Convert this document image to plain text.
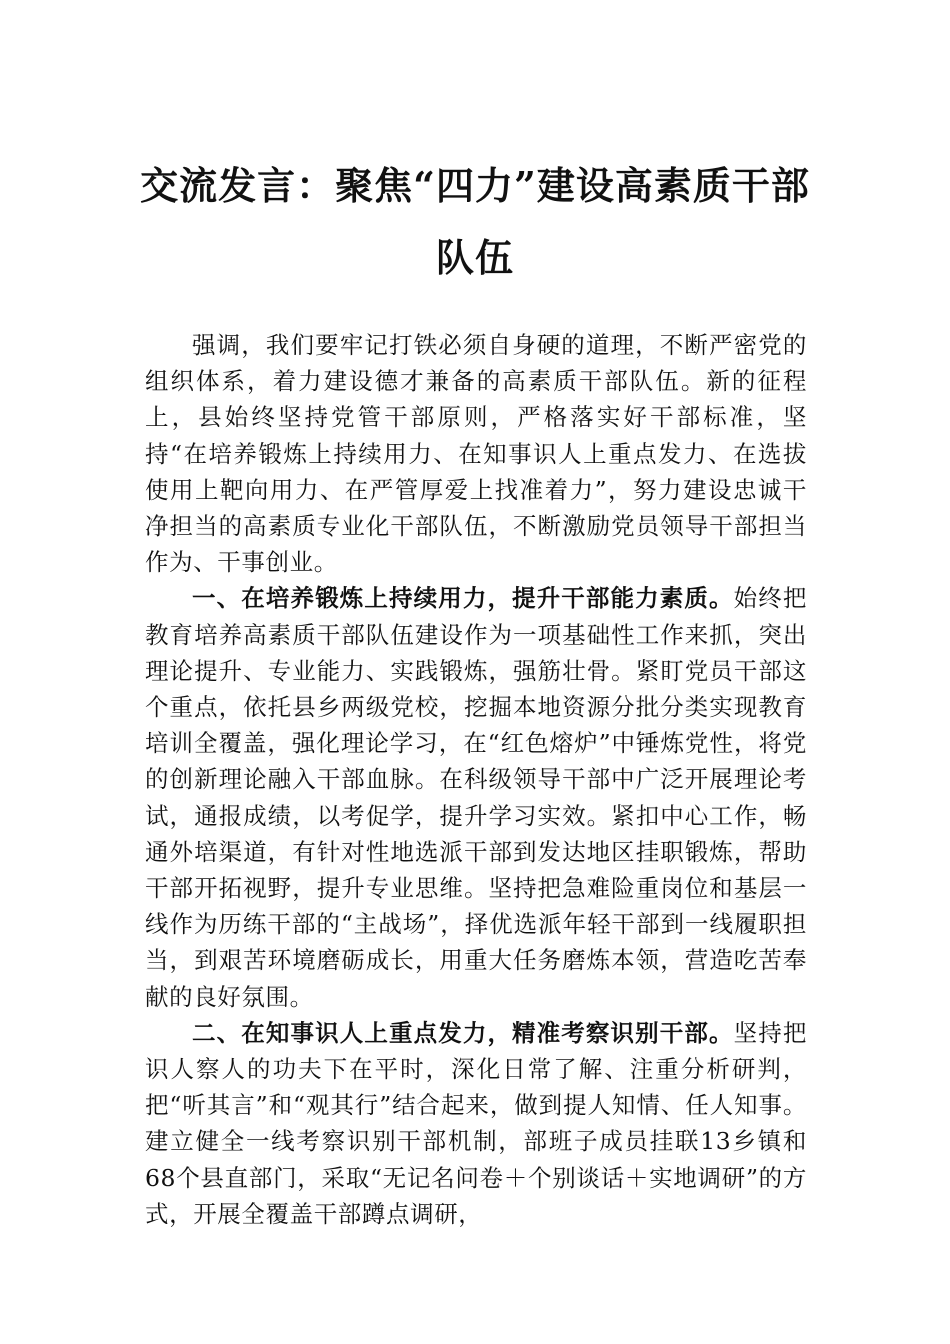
交流发言：聚焦“四力”建设高素质干部
队伍

强调，我们要牢记打铁必须自身硬的道理，不断严密党的组织体系，着力建设德才兼备的高素质干部队伍。新的征程上，县始终坚持党管干部原则，严格落实好干部标准，坚持“在培养锻炼上持续用力、在知事识人上重点发力、在选拔使用上靶向用力、在严管厚爱上找准着力”，努力建设忠诚干净担当的高素质专业化干部队伍，不断激励党员领导干部担当作为、干事创业。

一、在培养锻炼上持续用力，提升干部能力素质。始终把教育培养高素质干部队伍建设作为一项基础性工作来抓，突出理论提升、专业能力、实践锻炼，强筋壮骨。紧盯党员干部这个重点，依托县乡两级党校，挖掘本地资源分批分类实现教育培训全覆盖，强化理论学习，在“红色熔炉”中锤炼党性，将党的创新理论融入干部血脉。在科级领导干部中广泛开展理论考试，通报成绩，以考促学，提升学习实效。紧扣中心工作，畅通外培渠道，有针对性地选派干部到发达地区挂职锻炼，帮助干部开拓视野，提升专业思维。坚持把急难险重岗位和基层一线作为历练干部的“主战场”，择优选派年轻干部到一线履职担当，到艰苦环境磨砺成长，用重大任务磨炼本领，营造吃苦奉献的良好氛围。

二、在知事识人上重点发力，精准考察识别干部。坚持把识人察人的功夫下在平时，深化日常了解、注重分析研判，把“听其言”和“观其行”结合起来，做到提人知情、任人知事。建立健全一线考察识别干部机制，部班子成员挂联13乡镇和68个县直部门，采取“无记名问卷＋个别谈话＋实地调研”的方式，开展全覆盖干部蹲点调研，
